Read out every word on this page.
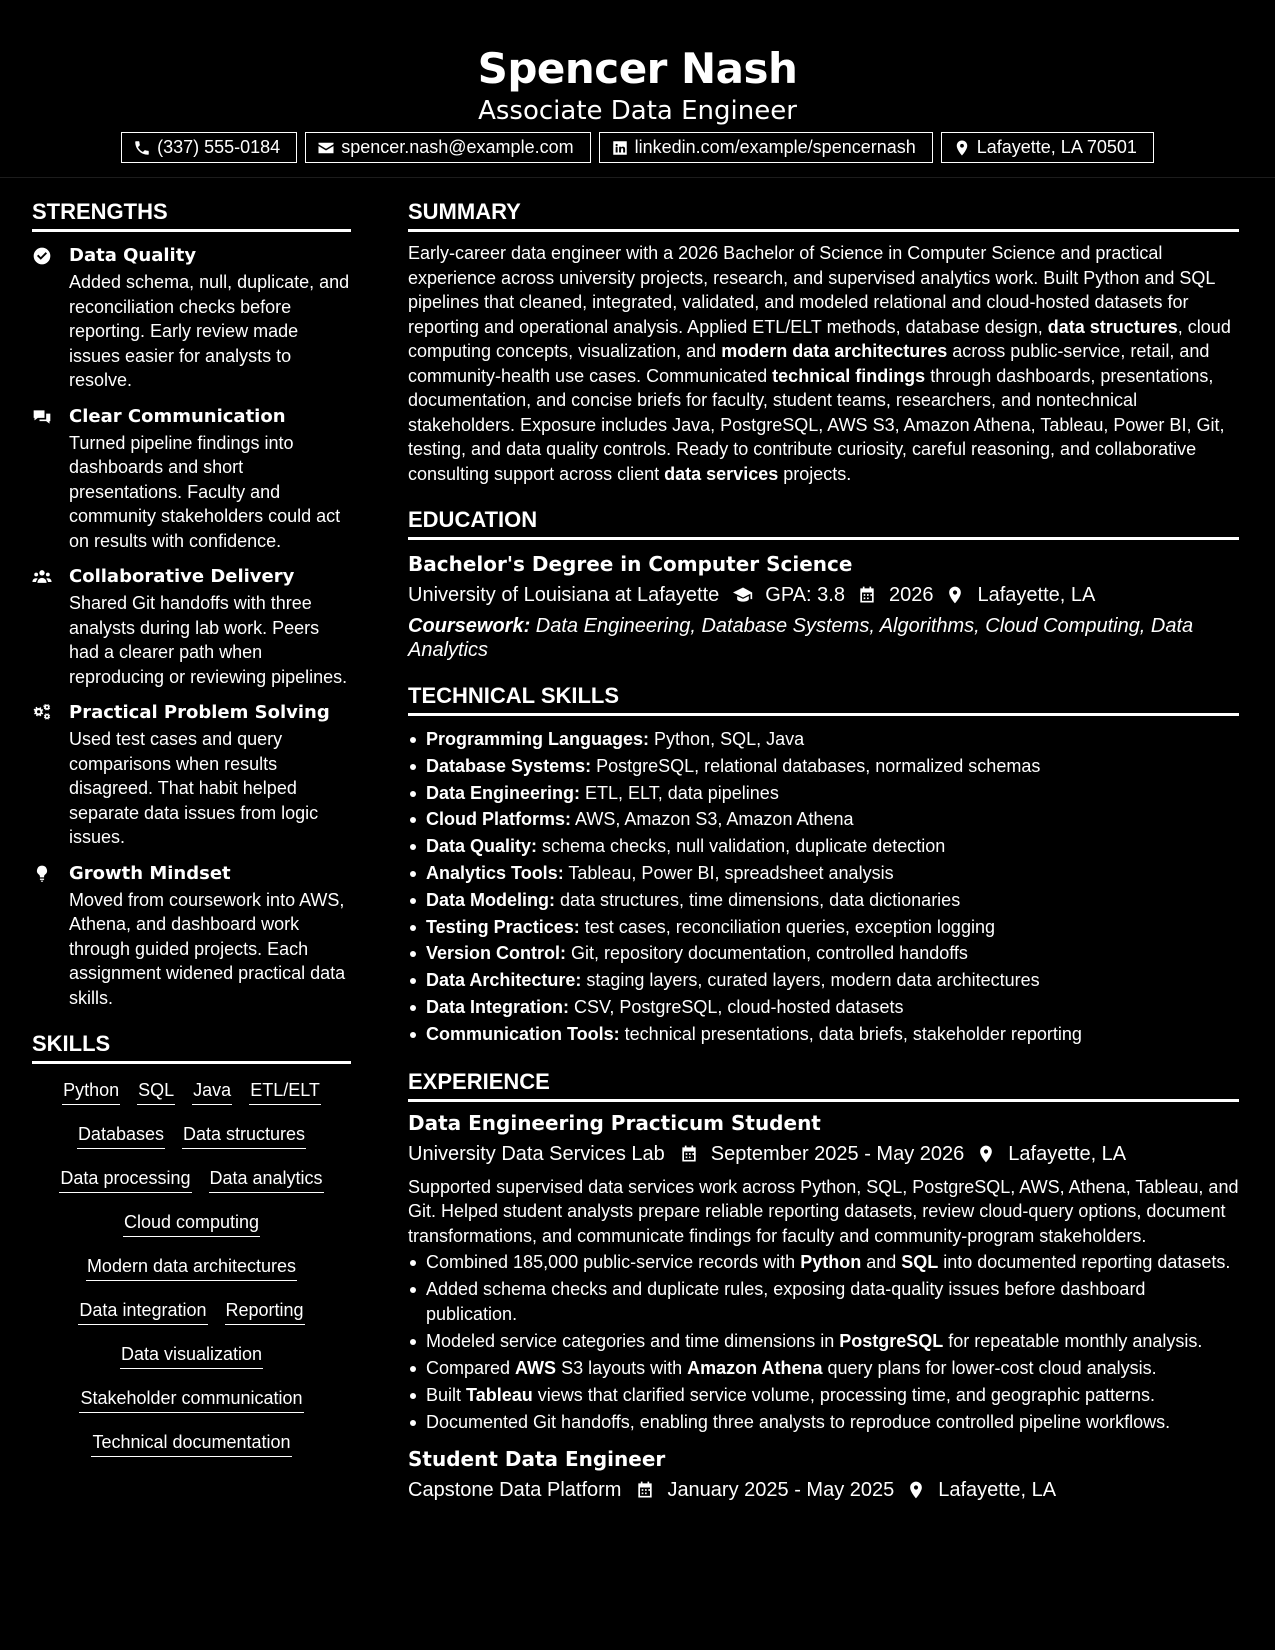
Spencer Nash
Associate Data Engineer
(337) 555-0184	spencer.nash@example.com	linkedin.com/example/spencernash	Lafayette, LA 70501
STRENGTHS
Data Quality
Added schema, null, duplicate, and reconciliation checks before reporting. Early review made issues easier for analysts to resolve.
Clear Communication
Turned pipeline findings into dashboards and short presentations. Faculty and community stakeholders could act on results with confidence.
Collaborative Delivery
Shared Git handoffs with three analysts during lab work. Peers had a clearer path when reproducing or reviewing pipelines.
Practical Problem Solving
Used test cases and query comparisons when results disagreed. That habit helped separate data issues from logic issues.
Growth Mindset
Moved from coursework into AWS, Athena, and dashboard work through guided projects. Each assignment widened practical data skills.
SKILLS
Python SQL Java ETL/ELT
Databases Data structures
Data processing Data analytics
Cloud computing
Modern data architectures
Data integration Reporting
Data visualization
Stakeholder communication
Technical documentation
SUMMARY

Early-career data engineer with a 2026 Bachelor of Science in Computer Science and practical experience across university projects, research, and supervised analytics work. Built Python and SQL pipelines that cleaned, integrated, validated, and modeled relational and cloud-hosted datasets for reporting and operational analysis. Applied ETL/ELT methods, database design, data structures, cloud computing concepts, visualization, and modern data architectures across public-service, retail, and community-health use cases. Communicated technical findings through dashboards, presentations, documentation, and concise briefs for faculty, student teams, researchers, and nontechnical stakeholders. Exposure includes Java, PostgreSQL, AWS S3, Amazon Athena, Tableau, Power BI, Git, testing, and data quality controls. Ready to contribute curiosity, careful reasoning, and collaborative consulting support across client data services projects.

EDUCATION
Bachelor's Degree in Computer Science
University of Louisiana at Lafayette GPA: 3.8 2026 Lafayette, LA
Coursework: Data Engineering, Database Systems, Algorithms, Cloud Computing, Data Analytics
TECHNICAL SKILLS
Programming Languages: Python, SQL, Java
Database Systems: PostgreSQL, relational databases, normalized schemas
Data Engineering: ETL, ELT, data pipelines
Cloud Platforms: AWS, Amazon S3, Amazon Athena
Data Quality: schema checks, null validation, duplicate detection
Analytics Tools: Tableau, Power BI, spreadsheet analysis
Data Modeling: data structures, time dimensions, data dictionaries
Testing Practices: test cases, reconciliation queries, exception logging
Version Control: Git, repository documentation, controlled handoffs
Data Architecture: staging layers, curated layers, modern data architectures
Data Integration: CSV, PostgreSQL, cloud-hosted datasets
Communication Tools: technical presentations, data briefs, stakeholder reporting
EXPERIENCE
Data Engineering Practicum Student
University Data Services Lab September 2025 - May 2026 Lafayette, LA

Supported supervised data services work across Python, SQL, PostgreSQL, AWS, Athena, Tableau, and Git. Helped student analysts prepare reliable reporting datasets, review cloud-query options, document transformations, and communicate findings for faculty and community-program stakeholders.

Combined 185,000 public-service records with Python and SQL into documented reporting datasets.
Added schema checks and duplicate rules, exposing data-quality issues before dashboard publication.
Modeled service categories and time dimensions in PostgreSQL for repeatable monthly analysis.
Compared AWS S3 layouts with Amazon Athena query plans for lower-cost cloud analysis.
Built Tableau views that clarified service volume, processing time, and geographic patterns.
Documented Git handoffs, enabling three analysts to reproduce controlled pipeline workflows.
Student Data Engineer
Capstone Data Platform January 2025 - May 2025 Lafayette, LA
